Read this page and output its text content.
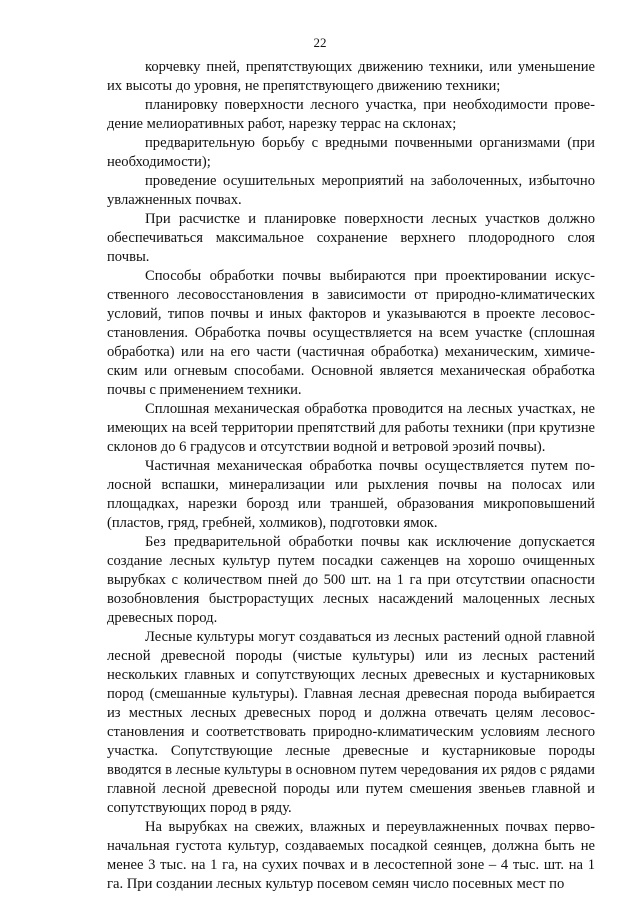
22

корчевку пней, препятствующих движению техники, или уменьшение их высоты до уровня, не препятствующего движению техники;

планировку поверхности лесного участка, при необходимости проведение мелиоративных работ, нарезку террас на склонах;

предварительную борьбу с вредными почвенными организмами (при необходимости);

проведение осушительных мероприятий на заболоченных, избыточно увлажненных почвах.

При расчистке и планировке поверхности лесных участков должно обеспечиваться максимальное сохранение верхнего плодородного слоя почвы.

Способы обработки почвы выбираются при проектировании искусственного лесовосстановления в зависимости от природно-климатических условий, типов почвы и иных факторов и указываются в проекте лесовосстановления. Обработка почвы осуществляется на всем участке (сплошная обработка) или на его части (частичная обработка) механическим, химическим или огневым способами. Основной является механическая обработка почвы с применением техники.

Сплошная механическая обработка проводится на лесных участках, не имеющих на всей территории препятствий для работы техники (при крутизне склонов до 6 градусов и отсутствии водной и ветровой эрозий почвы).

Частичная механическая обработка почвы осуществляется путем полосной вспашки, минерализации или рыхления почвы на полосах или площадках, нарезки борозд или траншей, образования микроповышений (пластов, гряд, гребней, холмиков), подготовки ямок.

Без предварительной обработки почвы как исключение допускается создание лесных культур путем посадки саженцев на хорошо очищенных вырубках с количеством пней до 500 шт. на 1 га при отсутствии опасности возобновления быстрорастущих лесных насаждений малоценных лесных древесных пород.

Лесные культуры могут создаваться из лесных растений одной главной лесной древесной породы (чистые культуры) или из лесных растений нескольких главных и сопутствующих лесных древесных и кустарниковых пород (смешанные культуры). Главная лесная древесная порода выбирается из местных лесных древесных пород и должна отвечать целям лесовосстановления и соответствовать природно-климатическим условиям лесного участка. Сопутствующие лесные древесные и кустарниковые породы вводятся в лесные культуры в основном путем чередования их рядов с рядами главной лесной древесной породы или путем смешения звеньев главной и сопутствующих пород в ряду.

На вырубках на свежих, влажных и переувлажненных почвах первоначальная густота культур, создаваемых посадкой сеянцев, должна быть не менее 3 тыс. на 1 га, на сухих почвах и в лесостепной зоне – 4 тыс. шт. на 1 га. При создании лесных культур посевом семян число посевных мест по
